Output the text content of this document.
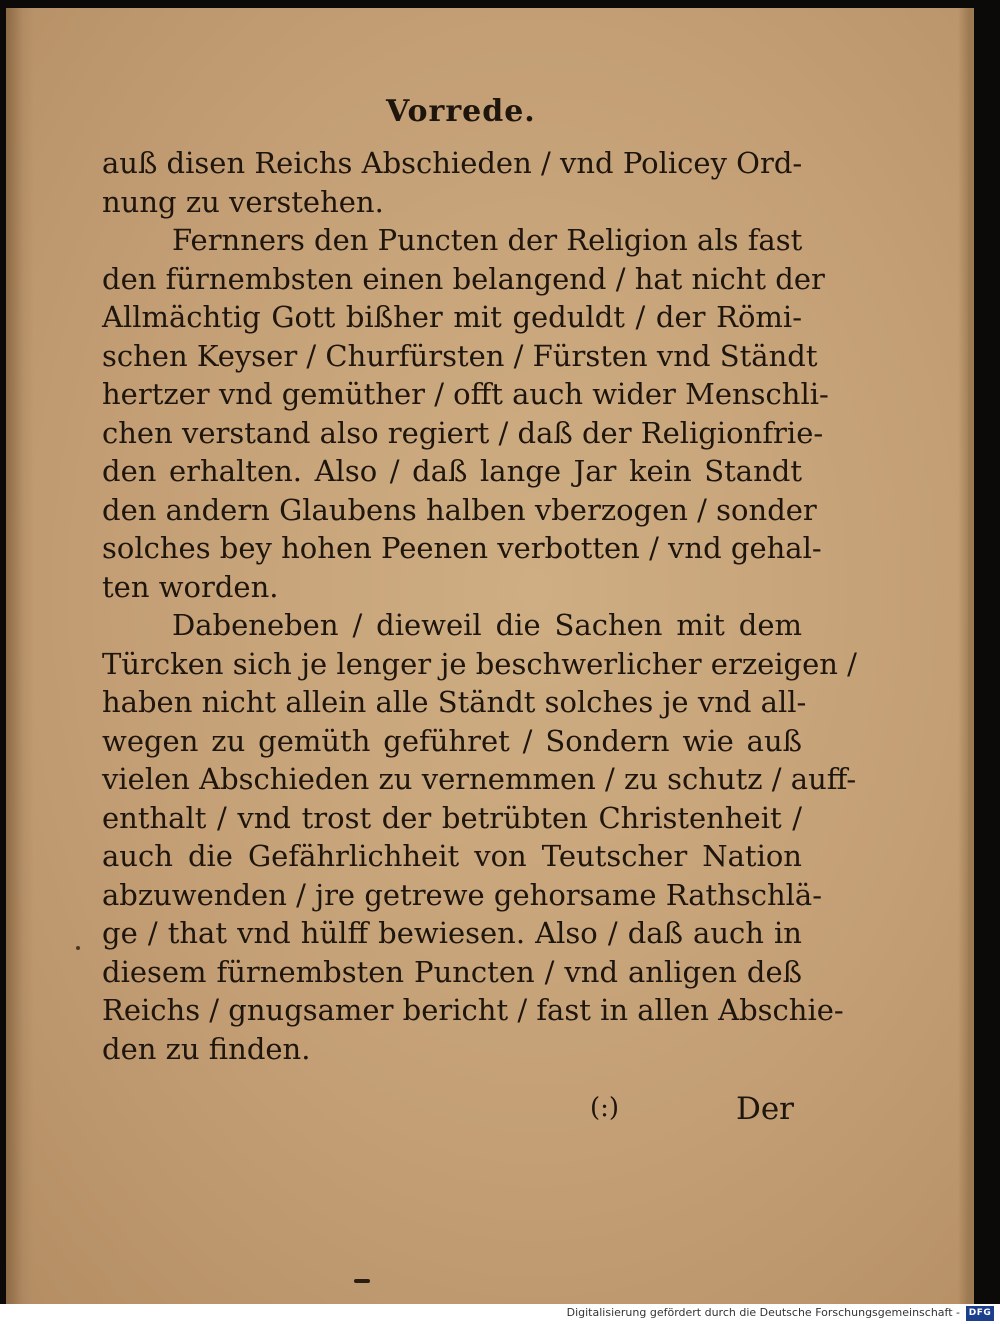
Vorrede.
auß disen Reichs Abschieden / vnd Policey Ord-
nung zu verstehen.
Fernners den Puncten der Religion als fast
den fürnembsten einen belangend / hat nicht der
Allmächtig Gott bißher mit geduldt / der Römi-
schen Keyser / Churfürsten / Fürsten vnd Ständt
hertzer vnd gemüther / offt auch wider Menschli-
chen verstand also regiert / daß der Religionfrie-
den erhalten. Also / daß lange Jar kein Standt
den andern Glaubens halben vberzogen / sonder
solches bey hohen Peenen verbotten / vnd gehal-
ten worden.
Dabeneben / dieweil die Sachen mit dem
Türcken sich je lenger je beschwerlicher erzeigen /
haben nicht allein alle Ständt solches je vnd all-
wegen zu gemüth geführet / Sondern wie auß
vielen Abschieden zu vernemmen / zu schutz / auff-
enthalt / vnd trost der betrübten Christenheit /
auch die Gefährlichheit von Teutscher Nation
abzuwenden / jre getrewe gehorsame Rathschlä-
ge / that vnd hülff bewiesen. Also / daß auch in
diesem fürnembsten Puncten / vnd anligen deß
Reichs / gnugsamer bericht / fast in allen Abschie-
den zu finden.
(:)	Der
Digitalisierung gefördert durch die Deutsche Forschungsgemeinschaft - DFG
